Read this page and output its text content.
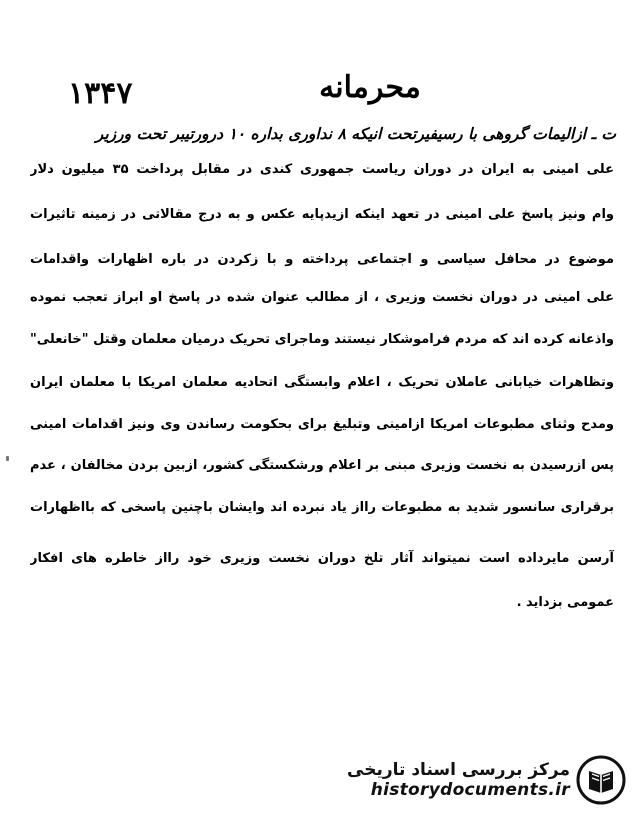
۱۳۴۷	محرمانه
ت ـ ازالیمات گروهی با رسیفیرتحت انیکه ۸ نداوری بداره ۱۰ درورتیبر تحت ورزیر
علی امینی به ایران در دوران ریاست جمهوری کندی در مقابل پرداخت ۳۵ میلیون دلار
وام ونیز پاسخ علی امینی در تعهد اینکه ازیدپایه عکس و به درج مقالاتی در زمینه تاثیرات
موضوع در محافل سیاسی و اجتماعی پرداخته و با زکردن در باره اظهارات واقدامات
علی امینی در دوران نخست وزیری ، از مطالب عنوان شده در پاسخ او ابراز تعجب نموده
واذعانه کرده اند که مردم فراموشکار نیستند وماجرای تحریک درمیان معلمان وقتل "خانعلی"
وتظاهرات خیابانی عاملان تحریک ، اعلام وابستگی اتحادیه معلمان امریکا با معلمان ایران
ومدح وثنای مطبوعات امریکا ازامینی وتبلیغ برای بحکومت رساندن وی ونیز اقدامات امینی
پس ازرسیدن به نخست وزیری مبنی بر اعلام ورشکستگی کشور، ازبین بردن مخالفان ، عدم
برقراری سانسور شدید به مطبوعات رااز یاد نبرده اند وایشان باچنین پاسخی که بااظهارات
آرسن مایرداده است نمیتواند آثار تلخ دوران نخست وزیری خود رااز خاطره های افکار
عمومی بزداید .
مرکز بررسی اسناد تاریخی
historydocuments.ir
